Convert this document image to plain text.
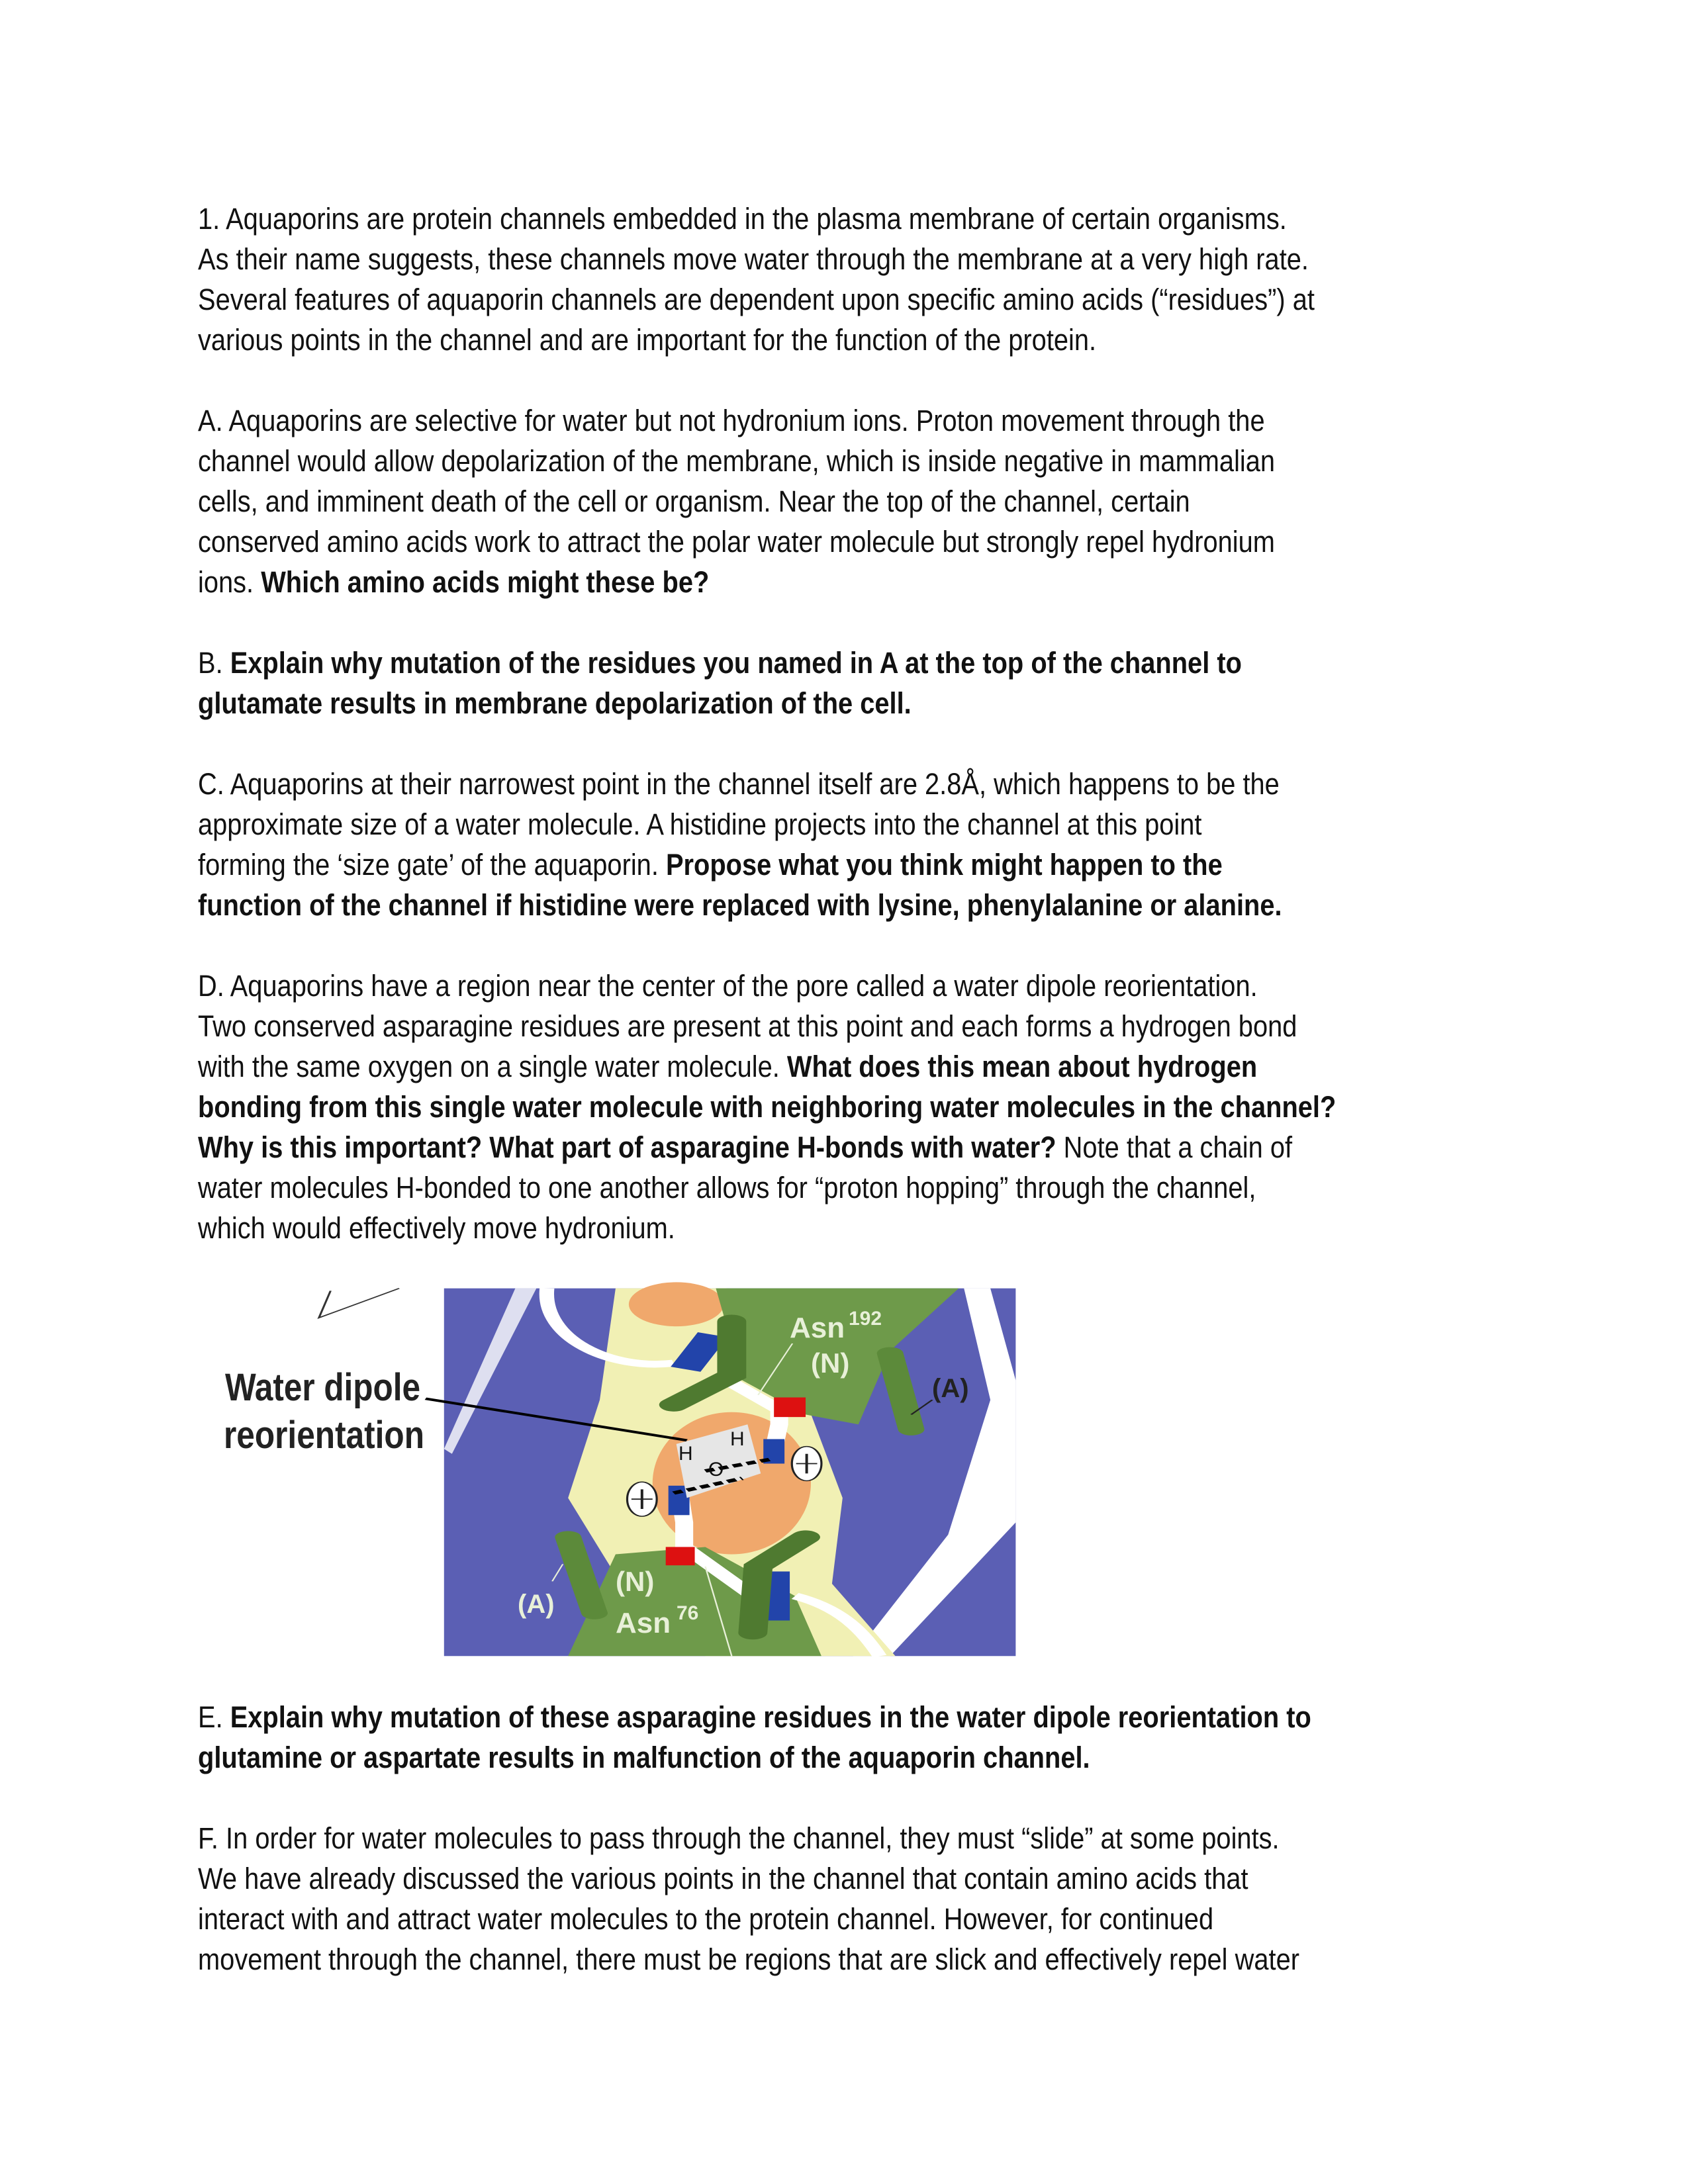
1. Aquaporins are protein channels embedded in the plasma membrane of certain organisms.
As their name suggests, these channels move water through the membrane at a very high rate.
Several features of aquaporin channels are dependent upon specific amino acids (“residues”) at
various points in the channel and are important for the function of the protein.
A. Aquaporins are selective for water but not hydronium ions. Proton movement through the
channel would allow depolarization of the membrane, which is inside negative in mammalian
cells, and imminent death of the cell or organism. Near the top of the channel, certain
conserved amino acids work to attract the polar water molecule but strongly repel hydronium
ions. Which amino acids might these be?
B. Explain why mutation of the residues you named in A at the top of the channel to
glutamate results in membrane depolarization of the cell.
C. Aquaporins at their narrowest point in the channel itself are 2.8Å, which happens to be the
approximate size of a water molecule. A histidine projects into the channel at this point
forming the ‘size gate’ of the aquaporin. Propose what you think might happen to the
function of the channel if histidine were replaced with lysine, phenylalanine or alanine.
D. Aquaporins have a region near the center of the pore called a water dipole reorientation.
Two conserved asparagine residues are present at this point and each forms a hydrogen bond
with the same oxygen on a single water molecule. What does this mean about hydrogen
bonding from this single water molecule with neighboring water molecules in the channel?
Why is this important? What part of asparagine H-bonds with water? Note that a chain of
water molecules H-bonded to one another allows for “proton hopping” through the channel,
which would effectively move hydronium.
E. Explain why mutation of these asparagine residues in the water dipole reorientation to
glutamine or aspartate results in malfunction of the aquaporin channel.
F. In order for water molecules to pass through the channel, they must “slide” at some points.
We have already discussed the various points in the channel that contain amino acids that
interact with and attract water molecules to the protein channel. However, for continued
movement through the channel, there must be regions that are slick and effectively repel water
Water dipole
reorientation
Asn 192
(N)
(A)
(A)
(N)
Asn 76
H
H
O
